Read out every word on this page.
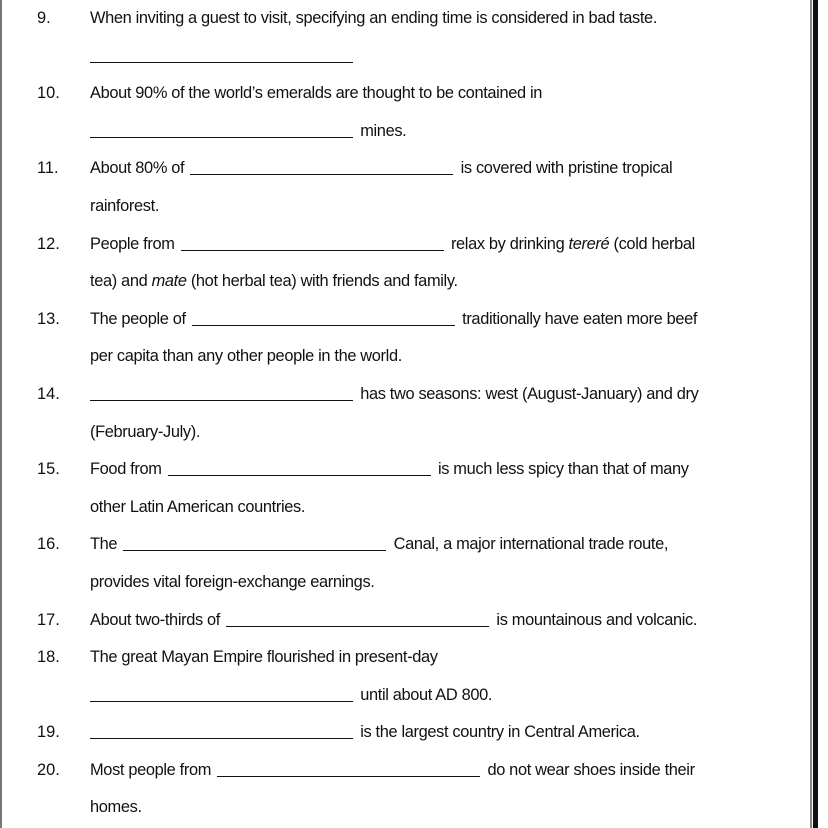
9.	When inviting a guest to visit, specifying an ending time is considered in bad taste.
10.	About 90% of the world’s emeralds are thought to be contained in
mines.
11.	About 80% of	is covered with pristine tropical
rainforest.
12.	People from	relax by drinking tereré (cold herbal
tea) and mate (hot herbal tea) with friends and family.
13.	The people of	traditionally have eaten more beef
per capita than any other people in the world.
14.	has two seasons: west (August-January) and dry
(February-July).
15.	Food from	is much less spicy than that of many
other Latin American countries.
16.	The	Canal, a major international trade route,
provides vital foreign-exchange earnings.
17.	About two-thirds of	is mountainous and volcanic.
18.	The great Mayan Empire flourished in present-day
until about AD 800.
19.	is the largest country in Central America.
20.	Most people from	do not wear shoes inside their
homes.
